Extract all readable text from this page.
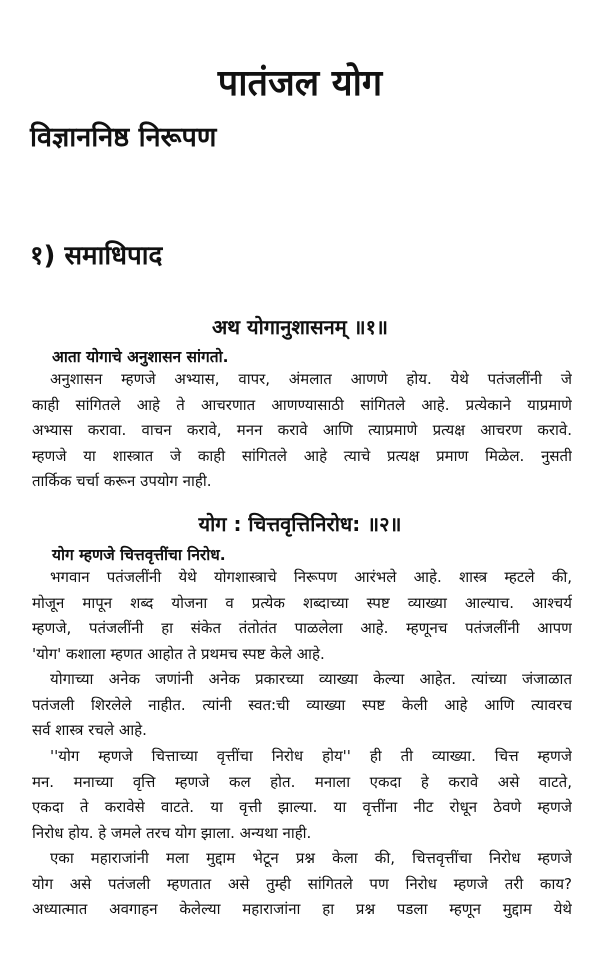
पातंजल योग
विज्ञाननिष्ठ निरूपण
१) समाधिपाद
अथ योगानुशासनम् ॥१॥
आता योगाचे अनुशासन सांगतो.
अनुशासन म्हणजे अभ्यास, वापर, अंमलात आणणे होय. येथे पतंजलींनी जे
काही सांगितले आहे ते आचरणात आणण्यासाठी सांगितले आहे. प्रत्येकाने याप्रमाणे
अभ्यास करावा. वाचन करावे, मनन करावे आणि त्याप्रमाणे प्रत्यक्ष आचरण करावे.
म्हणजे या शास्त्रात जे काही सांगितले आहे त्याचे प्रत्यक्ष प्रमाण मिळेल. नुसती
तार्किक चर्चा करून उपयोग नाही.
योग : चित्तवृत्तिनिरोध: ॥२॥
योग म्हणजे चित्तवृत्तींचा निरोध.
भगवान पतंजलींनी येथे योगशास्त्राचे निरूपण आरंभले आहे. शास्त्र म्हटले की,
मोजून मापून शब्द योजना व प्रत्येक शब्दाच्या स्पष्ट व्याख्या आल्याच. आश्चर्य
म्हणजे, पतंजलींनी हा संकेत तंतोतंत पाळलेला आहे. म्हणूनच पतंजलींनी आपण
'योग' कशाला म्हणत आहोत ते प्रथमच स्पष्ट केले आहे.
योगाच्या अनेक जणांनी अनेक प्रकारच्या व्याख्या केल्या आहेत. त्यांच्या जंजाळात
पतंजली शिरलेले नाहीत. त्यांनी स्वत:ची व्याख्या स्पष्ट केली आहे आणि त्यावरच
सर्व शास्त्र रचले आहे.
''योग म्हणजे चित्ताच्या वृत्तींचा निरोध होय'' ही ती व्याख्या. चित्त म्हणजे
मन. मनाच्या वृत्ति म्हणजे कल होत. मनाला एकदा हे करावे असे वाटते,
एकदा ते करावेसे वाटते. या वृत्ती झाल्या. या वृत्तींना नीट रोधून ठेवणे म्हणजे
निरोध होय. हे जमले तरच योग झाला. अन्यथा नाही.
एका महाराजांनी मला मुद्दाम भेटून प्रश्न केला की, चित्तवृत्तींचा निरोध म्हणजे
योग असे पतंजली म्हणतात असे तुम्ही सांगितले पण निरोध म्हणजे तरी काय?
अध्यात्मात अवगाहन केलेल्या महाराजांना हा प्रश्न पडला म्हणून मुद्दाम येथे
